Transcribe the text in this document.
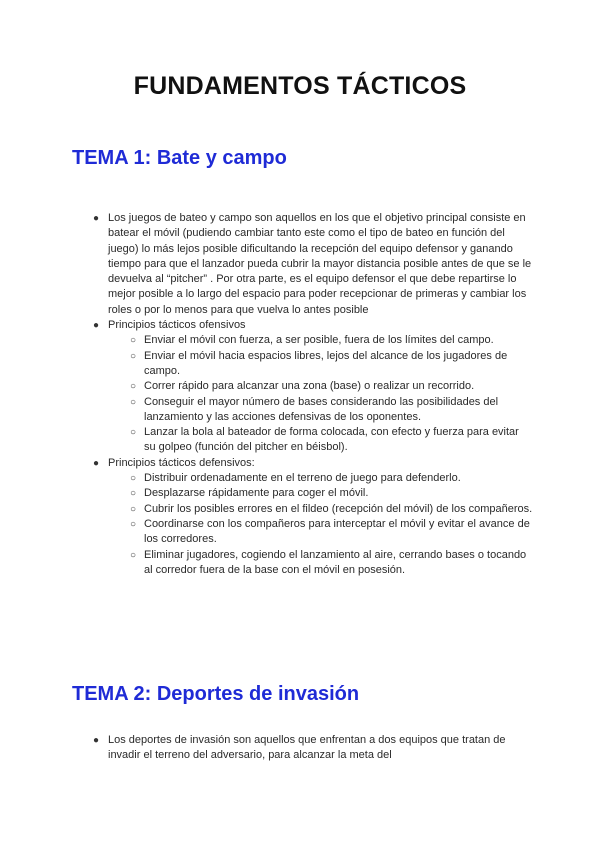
FUNDAMENTOS TÁCTICOS
TEMA 1: Bate y campo
● Los juegos de bateo y campo son aquellos en los que el objetivo principal consiste en batear el móvil (pudiendo cambiar tanto este como el tipo de bateo en función del juego) lo más lejos posible dificultando la recepción del equipo defensor y ganando tiempo para que el lanzador pueda cubrir la mayor distancia posible antes de que se le devuelva al “pitcher” . Por otra parte, es el equipo defensor el que debe repartirse lo mejor posible a lo largo del espacio para poder recepcionar de primeras y cambiar los roles o por lo menos para que vuelva lo antes posible
● Principios tácticos ofensivos
○ Enviar el móvil con fuerza, a ser posible, fuera de los límites del campo.
○ Enviar el móvil hacia espacios libres, lejos del alcance de los jugadores de campo.
○ Correr rápido para alcanzar una zona (base) o realizar un recorrido.
○ Conseguir el mayor número de bases considerando las posibilidades del lanzamiento y las acciones defensivas de los oponentes.
○ Lanzar la bola al bateador de forma colocada, con efecto y fuerza para evitar su golpeo (función del pitcher en béisbol).
● Principios tácticos defensivos:
○ Distribuir ordenadamente en el terreno de juego para defenderlo.
○ Desplazarse rápidamente para coger el móvil.
○ Cubrir los posibles errores en el fildeo (recepción del móvil) de los compañeros.
○ Coordinarse con los compañeros para interceptar el móvil y evitar el avance de los corredores.
○ Eliminar jugadores, cogiendo el lanzamiento al aire, cerrando bases o tocando al corredor fuera de la base con el móvil en posesión.
TEMA 2: Deportes de invasión
● Los deportes de invasión son aquellos que enfrentan a dos equipos que tratan de invadir el terreno del adversario, para alcanzar la meta del
